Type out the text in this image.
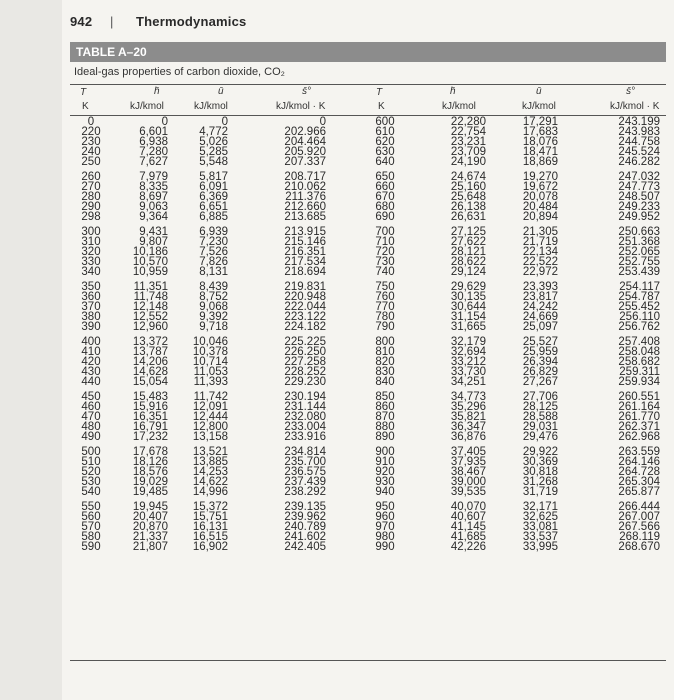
942 | Thermodynamics
TABLE A–20
Ideal-gas properties of carbon dioxide, CO₂
T	h̄	ū	s̄°	T	h̄	ū	s̄°
K	kJ/kmol	kJ/kmol	kJ/kmol · K	K	kJ/kmol	kJ/kmol	kJ/kmol · K
0	0	0	0	600	22,280	17,291	243.199
220	6,601	4,772	202.966	610	22,754	17,683	243.983
230	6,938	5,026	204.464	620	23,231	18,076	244.758
240	7,280	5,285	205.920	630	23,709	18,471	245.524
250	7,627	5,548	207.337	640	24,190	18,869	246.282
260	7,979	5,817	208.717	650	24,674	19,270	247.032
270	8,335	6,091	210.062	660	25,160	19,672	247.773
280	8,697	6,369	211.376	670	25,648	20,078	248.507
290	9,063	6,651	212.660	680	26,138	20,484	249.233
298	9,364	6,885	213.685	690	26,631	20,894	249.952
300	9,431	6,939	213.915	700	27,125	21,305	250.663
310	9,807	7,230	215.146	710	27,622	21,719	251.368
320	10,186	7,526	216.351	720	28,121	22,134	252.065
330	10,570	7,826	217.534	730	28,622	22,522	252.755
340	10,959	8,131	218.694	740	29,124	22,972	253.439
350	11,351	8,439	219.831	750	29,629	23,393	254.117
360	11,748	8,752	220.948	760	30,135	23,817	254.787
370	12,148	9,068	222.044	770	30,644	24,242	255.452
380	12,552	9,392	223.122	780	31,154	24,669	256.110
390	12,960	9,718	224.182	790	31,665	25,097	256.762
400	13,372	10,046	225.225	800	32,179	25,527	257.408
410	13,787	10,378	226.250	810	32,694	25,959	258.048
420	14,206	10,714	227.258	820	33,212	26,394	258.682
430	14,628	11,053	228.252	830	33,730	26,829	259.311
440	15,054	11,393	229.230	840	34,251	27,267	259.934
450	15,483	11,742	230.194	850	34,773	27,706	260.551
460	15,916	12,091	231.144	860	35,296	28,125	261.164
470	16,351	12,444	232.080	870	35,821	28,588	261.770
480	16,791	12,800	233.004	880	36,347	29,031	262.371
490	17,232	13,158	233.916	890	36,876	29,476	262.968
500	17,678	13,521	234.814	900	37,405	29,922	263.559
510	18,126	13,885	235.700	910	37,935	30,369	264.146
520	18,576	14,253	236.575	920	38,467	30,818	264.728
530	19,029	14,622	237.439	930	39,000	31,268	265.304
540	19,485	14,996	238.292	940	39,535	31,719	265.877
550	19,945	15,372	239.135	950	40,070	32,171	266.444
560	20,407	15,751	239.962	960	40,607	32,625	267.007
570	20,870	16,131	240.789	970	41,145	33,081	267.566
580	21,337	16,515	241.602	980	41,685	33,537	268.119
590	21,807	16,902	242.405	990	42,226	33,995	268.670
